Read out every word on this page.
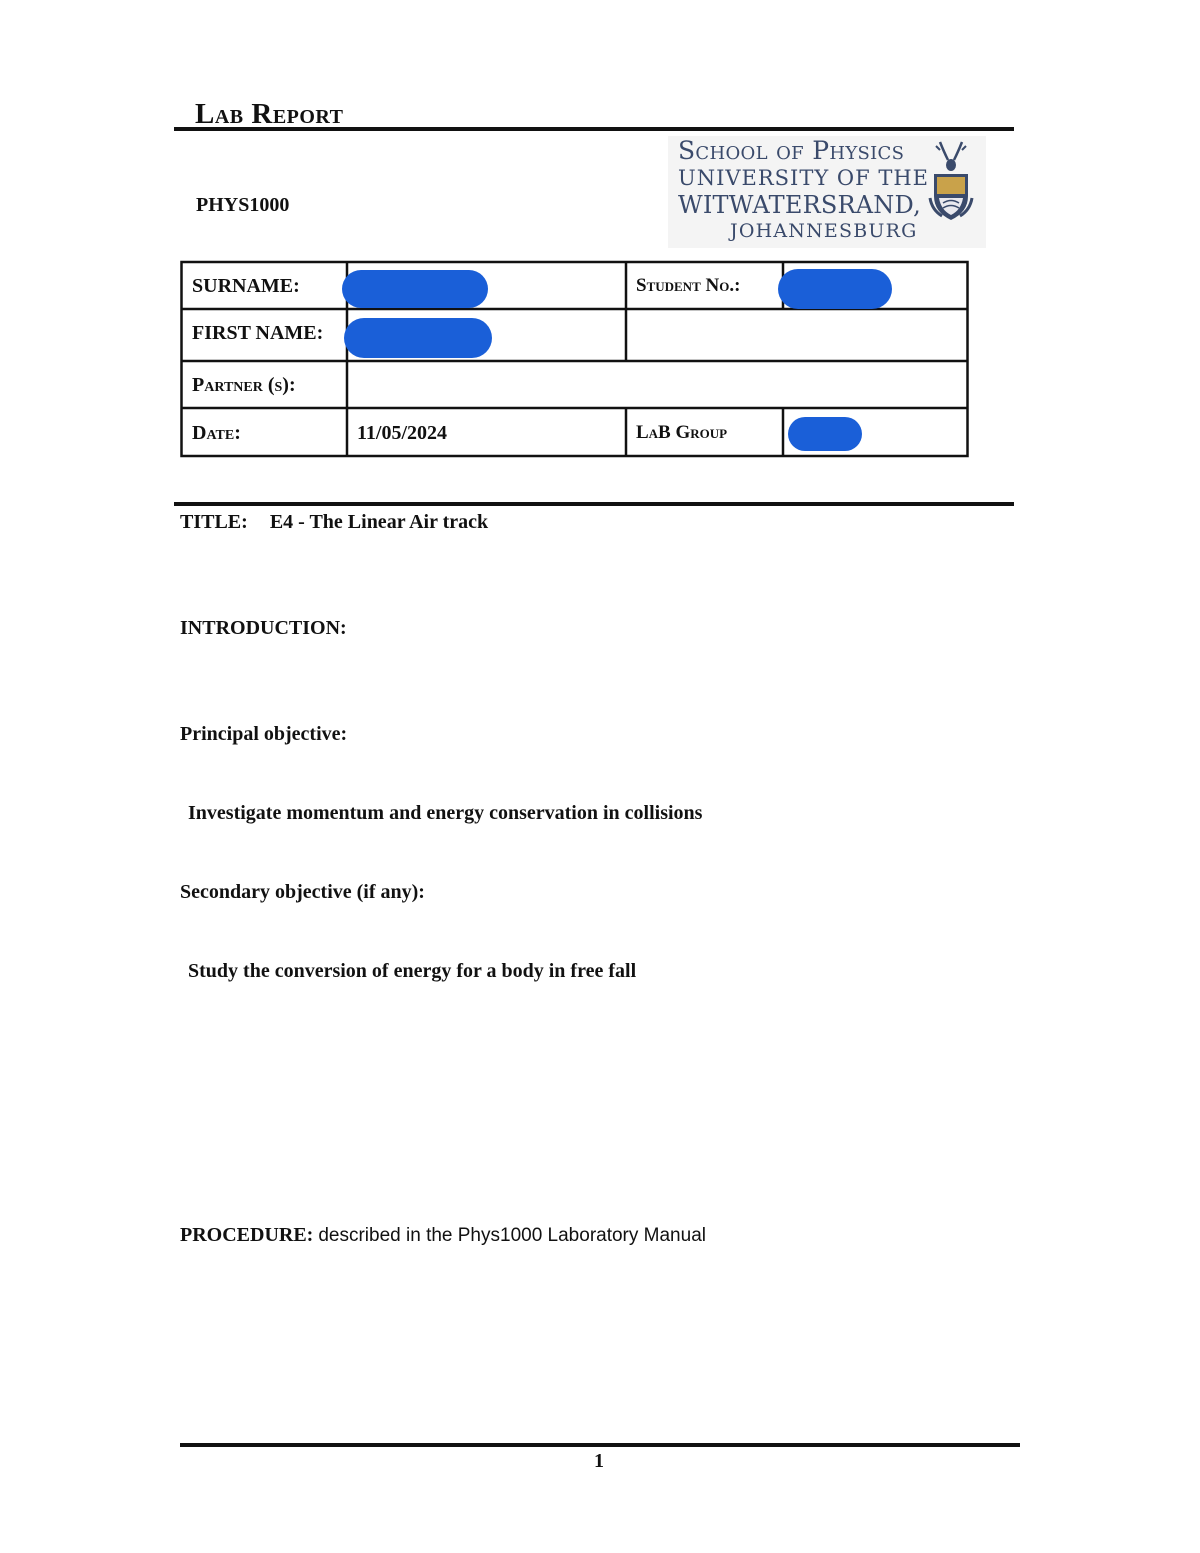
Lab Report
PHYS1000
School of Physics
UNIVERSITY OF THE
WITWATERSRAND,
JOHANNESBURG
SURNAME:	Student No.:
FIRST NAME:
Partner (s):
Date:	11/05/2024	LaB Group
TITLE: E4 - The Linear Air track
INTRODUCTION:
Principal objective:
Investigate momentum and energy conservation in collisions
Secondary objective (if any):
Study the conversion of energy for a body in free fall
PROCEDURE: described in the Phys1000 Laboratory Manual
1
